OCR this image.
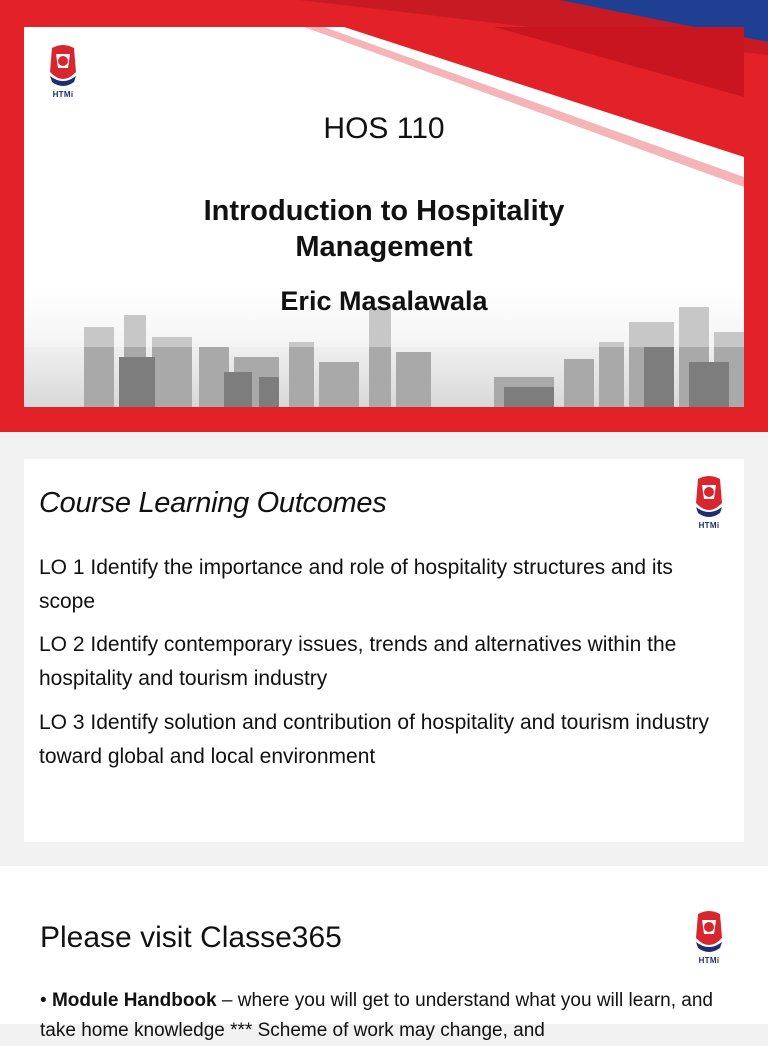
HTMi
HOS 110
Introduction to Hospitality Management
Eric Masalawala
HTMi
Course Learning Outcomes
LO 1 Identify the importance and role of hospitality structures and its scope
LO 2 Identify contemporary issues, trends and alternatives within the hospitality and tourism industry
LO 3 Identify solution and contribution of hospitality and tourism industry toward global and local environment
HTMi
Please visit Classe365
• Module Handbook – where you will get to understand what you will learn, and take home knowledge *** Scheme of work may change, and
